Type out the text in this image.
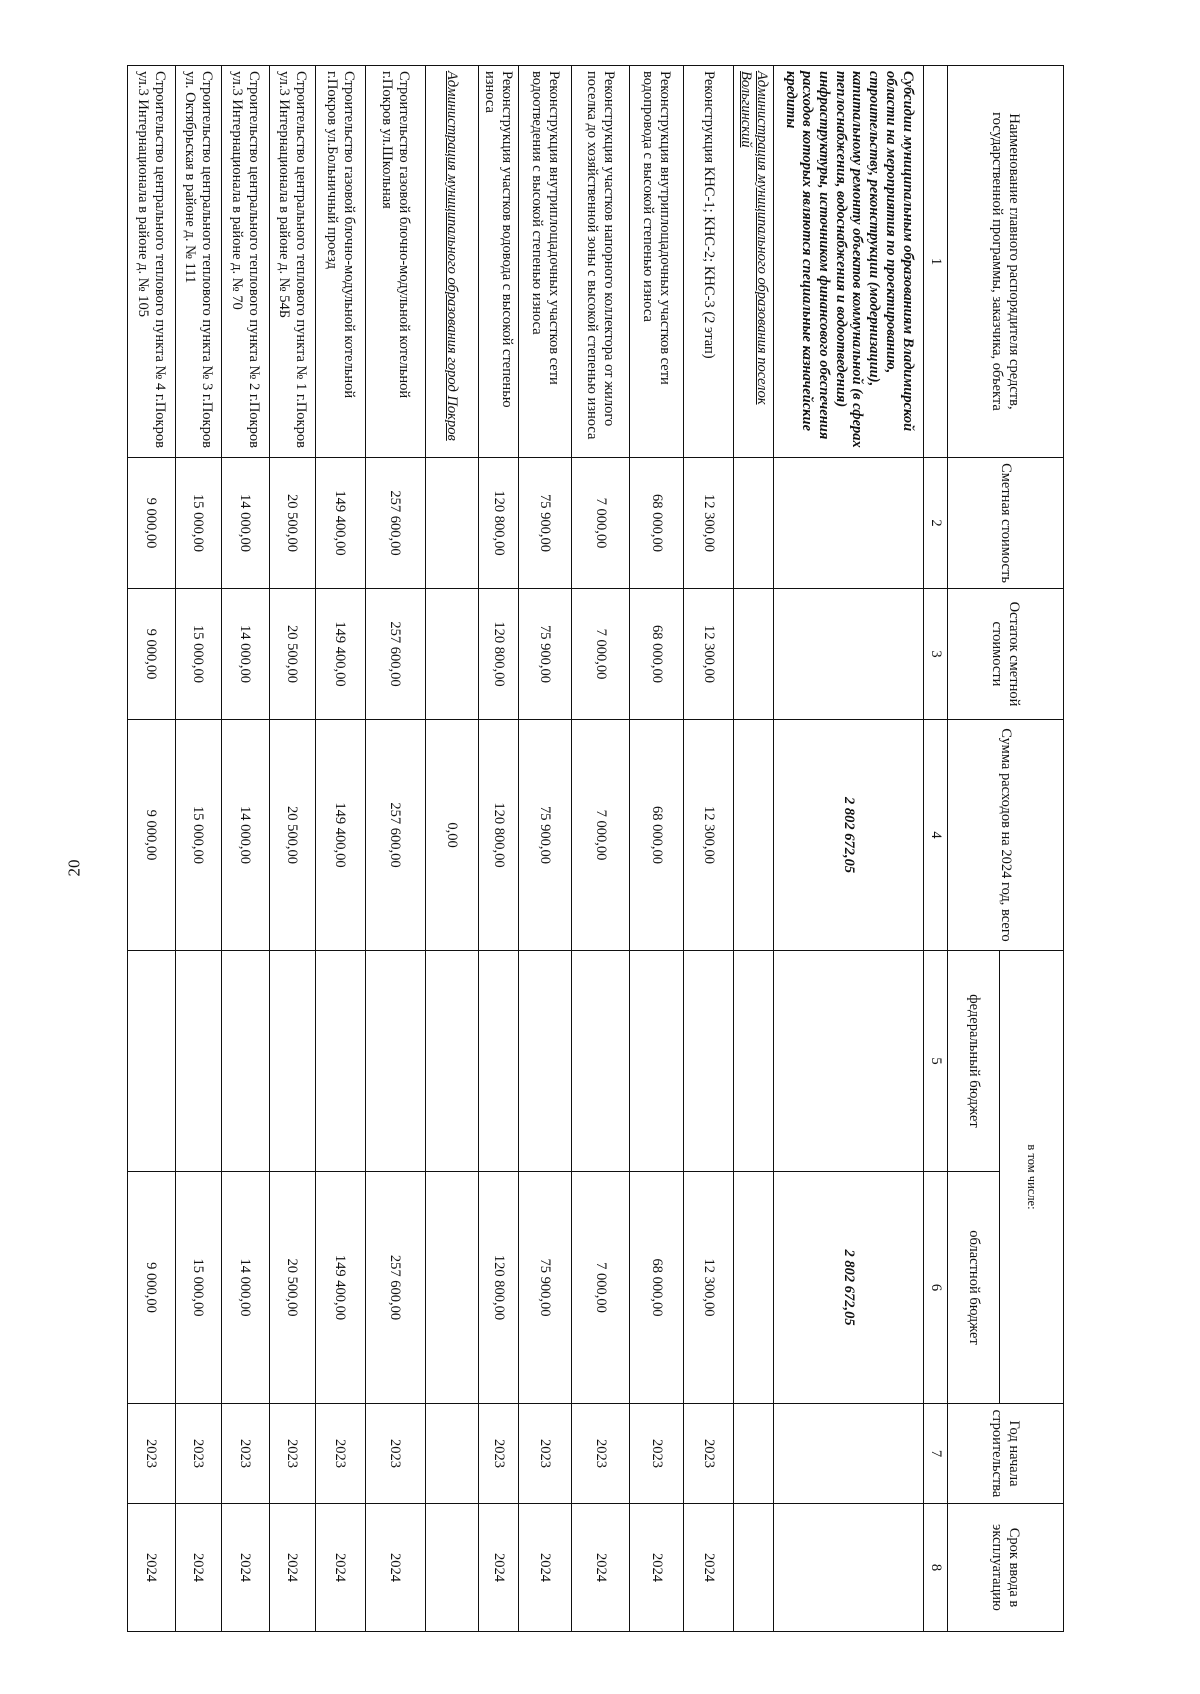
20
Наименование главного распорядителя средств, государственной программы, заказчика, объекта	Сметная стоимость	Остаток сметной стоимости	Сумма расходов на 2024 год, всего	в том числе:		Год начала строительства	Срок ввода в эксплуатацию
				федеральный бюджет	областной бюджет		
1	2	3	4	5	6	7	8
Субсидии муниципальным образованиям Владимирской области на мероприятия по проектированию, строительству, реконструкции (модернизации), капитальному ремонту объектов коммунальной (в сферах теплоснабжения, водоснабжения и водоотведения) инфраструктуры, источником финансового обеспечения расходов которых являются специальные казначейские кредиты			2 802 672,05		2 802 672,05		
Администрация муниципального образования поселок Вольгинский							
Реконструкция КНС-1; КНС-2; КНС-3 (2 этап)	12 300,00	12 300,00	12 300,00		12 300,00	2023	2024
Реконструкция внутриплощадочных участков сети водопровода с высокой степенью износа	68 000,00	68 000,00	68 000,00		68 000,00	2023	2024
Реконструкция участков напорного коллектора от жилого поселка до хозяйственной зоны с высокой степенью износа	7 000,00	7 000,00	7 000,00		7 000,00	2023	2024
Реконструкция внутриплощадочных участков сети водоотведения с высокой степенью износа	75 900,00	75 900,00	75 900,00		75 900,00	2023	2024
Реконструкция участков водовода с высокой степенью износа	120 800,00	120 800,00	120 800,00		120 800,00	2023	2024
Администрация муниципального образования город Покров			0,00				
Строительство газовой блочно-модульной котельной г.Покров ул.Школьная	257 600,00	257 600,00	257 600,00		257 600,00	2023	2024
Строительство газовой блочно-модульной котельной г.Покров ул.Больничный проезд	149 400,00	149 400,00	149 400,00		149 400,00	2023	2024
Строительство центрального теплового пункта № 1 г.Покров ул.3 Интернационала в районе д. № 54Б	20 500,00	20 500,00	20 500,00		20 500,00	2023	2024
Строительство центрального теплового пункта № 2 г.Покров ул.3 Интернационала в районе д. № 70	14 000,00	14 000,00	14 000,00		14 000,00	2023	2024
Строительство центрального теплового пункта № 3 г.Покров ул. Октябрьская в районе д. № 111	15 000,00	15 000,00	15 000,00		15 000,00	2023	2024
Строительство центрального теплового пункта № 4 г.Покров ул.3 Интернационала в районе д. № 105	9 000,00	9 000,00	9 000,00		9 000,00	2023	2024
